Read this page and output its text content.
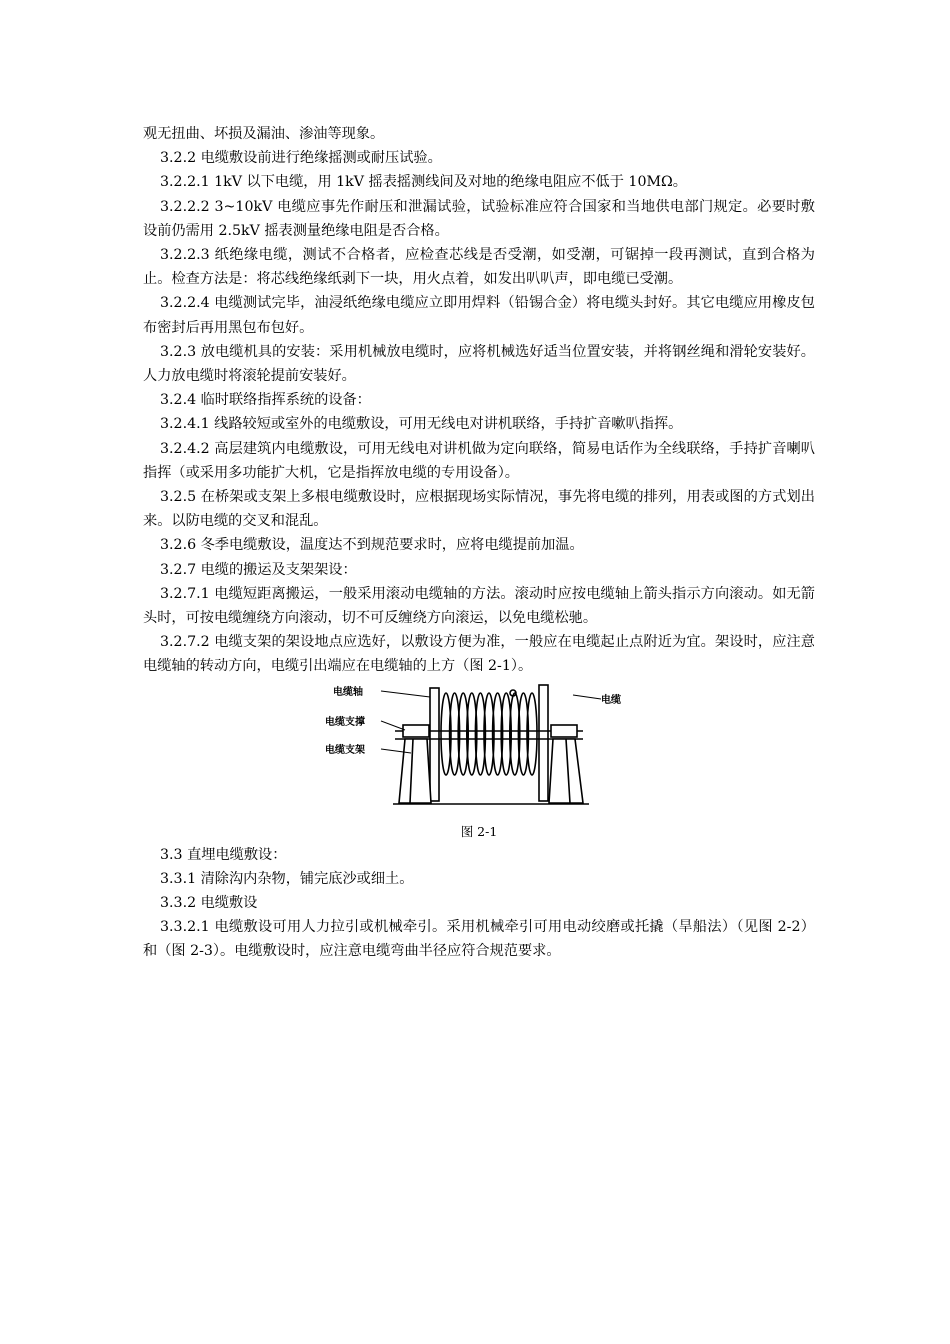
观无扭曲、坏损及漏油、渗油等现象。

3.2.2 电缆敷设前进行绝缘摇测或耐压试验。

3.2.2.1 1kV 以下电缆，用 1kV 摇表摇测线间及对地的绝缘电阻应不低于 10MΩ。

3.2.2.2 3~10kV 电缆应事先作耐压和泄漏试验，试验标准应符合国家和当地供电部门规定。必要时敷设前仍需用 2.5kV 摇表测量绝缘电阻是否合格。

3.2.2.3 纸绝缘电缆，测试不合格者，应检查芯线是否受潮，如受潮，可锯掉一段再测试，直到合格为止。检查方法是：将芯线绝缘纸剥下一块，用火点着，如发出叭叭声，即电缆已受潮。

3.2.2.4 电缆测试完毕，油浸纸绝缘电缆应立即用焊料（铅锡合金）将电缆头封好。其它电缆应用橡皮包布密封后再用黑包布包好。

3.2.3 放电缆机具的安装：采用机械放电缆时，应将机械选好适当位置安装，并将钢丝绳和滑轮安装好。人力放电缆时将滚轮提前安装好。

3.2.4 临时联络指挥系统的设备：

3.2.4.1 线路较短或室外的电缆敷设，可用无线电对讲机联络，手持扩音嗽叭指挥。

3.2.4.2 高层建筑内电缆敷设，可用无线电对讲机做为定向联络，简易电话作为全线联络，手持扩音喇叭指挥（或采用多功能扩大机，它是指挥放电缆的专用设备）。

3.2.5 在桥架或支架上多根电缆敷设时，应根据现场实际情况，事先将电缆的排列，用表或图的方式划出来。以防电缆的交叉和混乱。

3.2.6 冬季电缆敷设，温度达不到规范要求时，应将电缆提前加温。

3.2.7 电缆的搬运及支架架设：

3.2.7.1 电缆短距离搬运，一般采用滚动电缆轴的方法。滚动时应按电缆轴上箭头指示方向滚动。如无箭头时，可按电缆缠绕方向滚动，切不可反缠绕方向滚运，以免电缆松驰。

3.2.7.2 电缆支架的架设地点应选好，以敷设方便为准，一般应在电缆起止点附近为宜。架设时，应注意电缆轴的转动方向，电缆引出端应在电缆轴的上方（图 2-1）。

电缆轴
电缆
电缆支撑
电缆支架

图 2-1

3.3 直埋电缆敷设：

3.3.1 清除沟内杂物，铺完底沙或细土。

3.3.2 电缆敷设

3.3.2.1 电缆敷设可用人力拉引或机械牵引。采用机械牵引可用电动绞磨或托撬（旱船法）（见图 2-2）和（图 2-3）。电缆敷设时，应注意电缆弯曲半径应符合规范要求。
